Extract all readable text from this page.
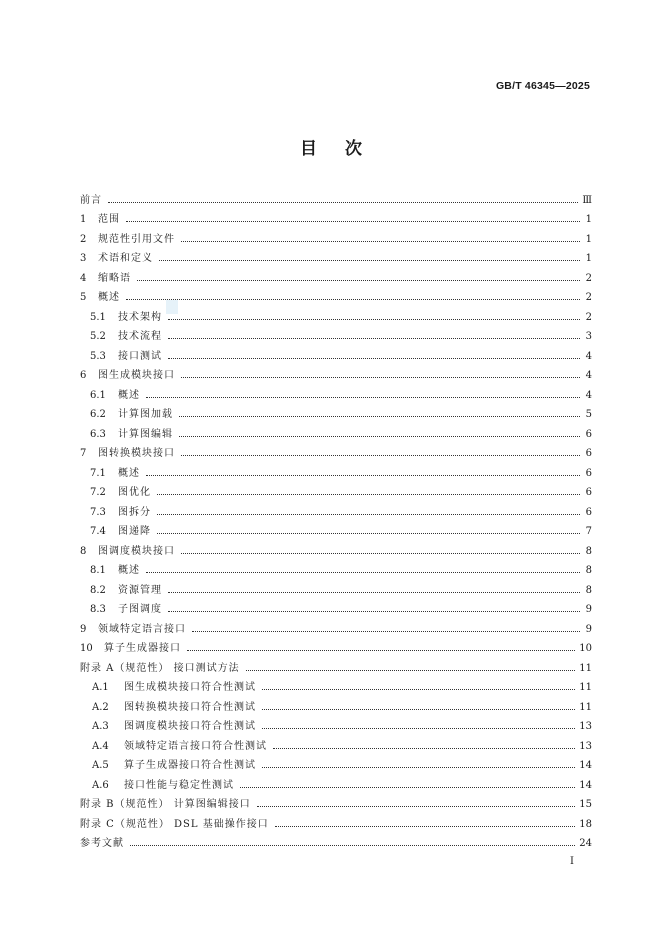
GB/T 46345—2025
目 次
前言	Ⅲ
1	范围	1
2	规范性引用文件	1
3	术语和定义	1
4	缩略语	2
5	概述	2
5.1	技术架构	2
5.2	技术流程	3
5.3	接口测试	4
6	图生成模块接口	4
6.1	概述	4
6.2	计算图加载	5
6.3	计算图编辑	6
7	图转换模块接口	6
7.1	概述	6
7.2	图优化	6
7.3	图拆分	6
7.4	图递降	7
8	图调度模块接口	8
8.1	概述	8
8.2	资源管理	8
8.3	子图调度	9
9	领域特定语言接口	9
10	算子生成器接口	10
附录 A（规范性） 接口测试方法	11
A.1	图生成模块接口符合性测试	11
A.2	图转换模块接口符合性测试	11
A.3	图调度模块接口符合性测试	13
A.4	领域特定语言接口符合性测试	13
A.5	算子生成器接口符合性测试	14
A.6	接口性能与稳定性测试	14
附录 B（规范性） 计算图编辑接口	15
附录 C（规范性） DSL 基础操作接口	18
参考文献	24
I
